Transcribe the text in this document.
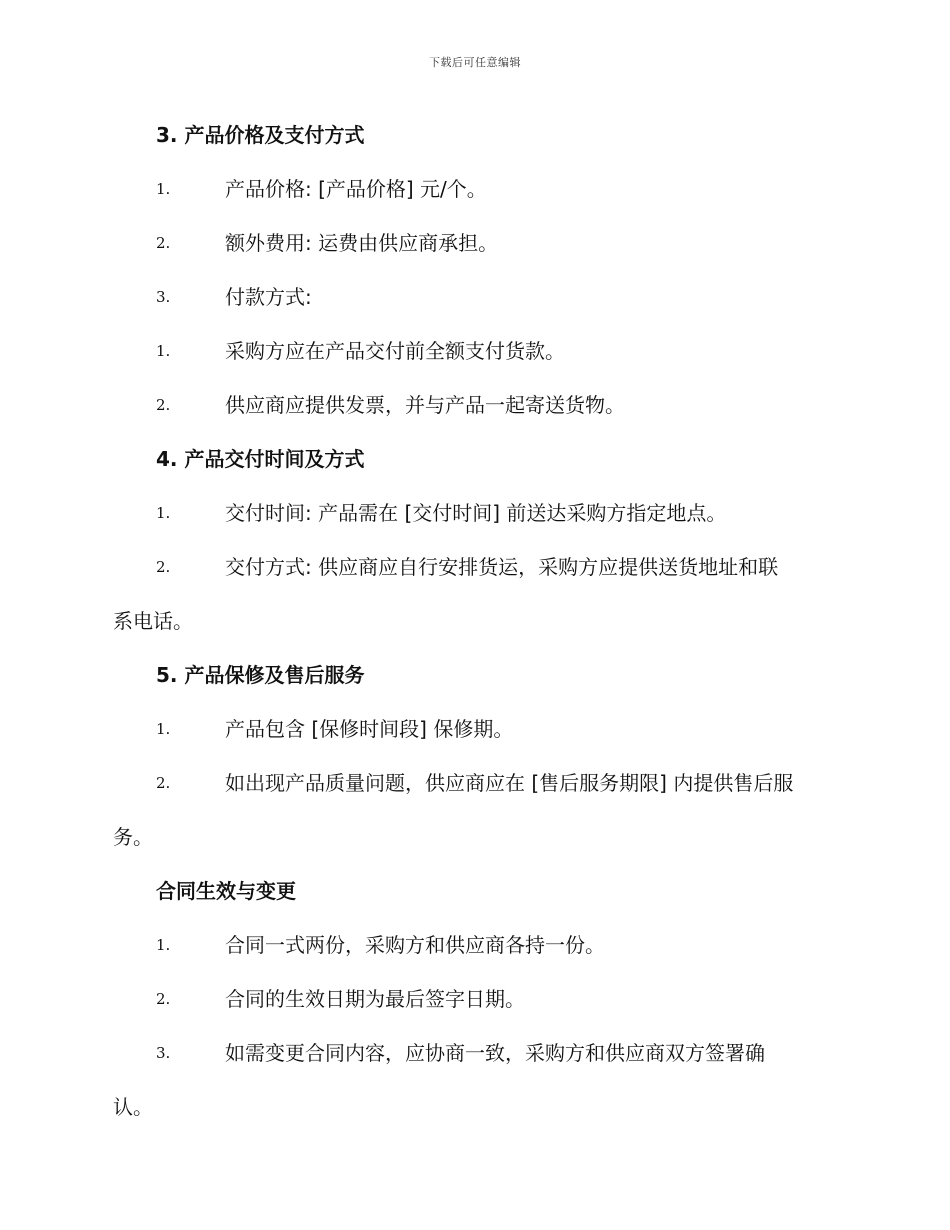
下载后可任意编辑
3. 产品价格及支付方式
1.	产品价格: [产品价格] 元/个。
2.	额外费用: 运费由供应商承担。
3.	付款方式:
1.	采购方应在产品交付前全额支付货款。
2.	供应商应提供发票，并与产品一起寄送货物。
4. 产品交付时间及方式
1.	交付时间: 产品需在 [交付时间] 前送达采购方指定地点。
2.	交付方式: 供应商应自行安排货运，采购方应提供送货地址和联
系电话。
5. 产品保修及售后服务
1.	产品包含 [保修时间段] 保修期。
2.	如出现产品质量问题，供应商应在 [售后服务期限] 内提供售后服
务。
合同生效与变更
1.	合同一式两份，采购方和供应商各持一份。
2.	合同的生效日期为最后签字日期。
3.	如需变更合同内容，应协商一致，采购方和供应商双方签署确
认。
